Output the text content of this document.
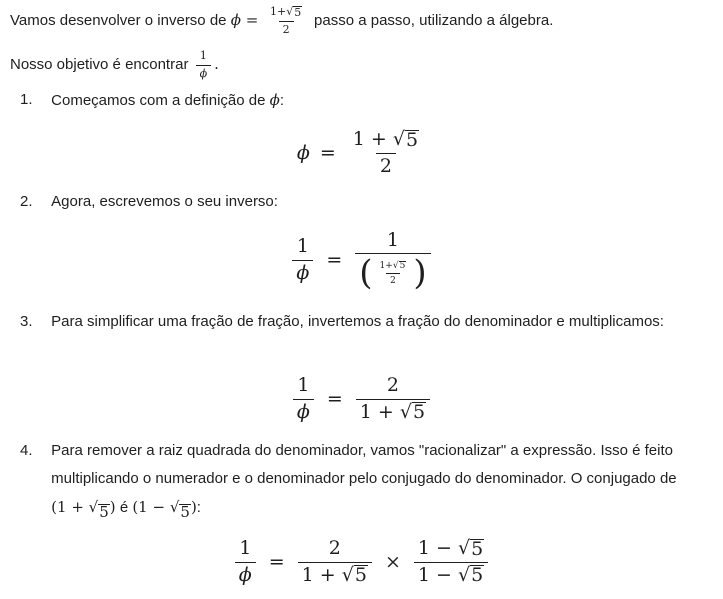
Vamos desenvolver o inverso de $\phi = \frac{1+ √ 5}{2}$ passo a passo, utilizando a álgebra.
Nosso objetivo é encontrar $\frac{1}{\phi}$ .
1. Começamos com a definição de ϕ:
$\phi = \frac{1 + √ 5}{2}$
2. Agora, escrevemos o seu inverso:
$\frac{1}{\phi} = \frac{1}{( \frac{1+ √ 5}{2} )}$
3. Para simplificar uma fração de fração, invertemos a fração do denominador e multiplicamos:
$\frac{1}{\phi} = \frac{2}{1 + √ 5}$
4. Para remover a raiz quadrada do denominador, vamos "racionalizar" a expressão. Isso é feito multiplicando o numerador e o denominador pelo conjugado do denominador. O conjugado de (1 + √ 5 ) é (1 − √ 5 ):
$\frac{1}{\phi} = \frac{2}{1 + √ 5} \times \frac{1 - √ 5}{1 - √ 5}$
